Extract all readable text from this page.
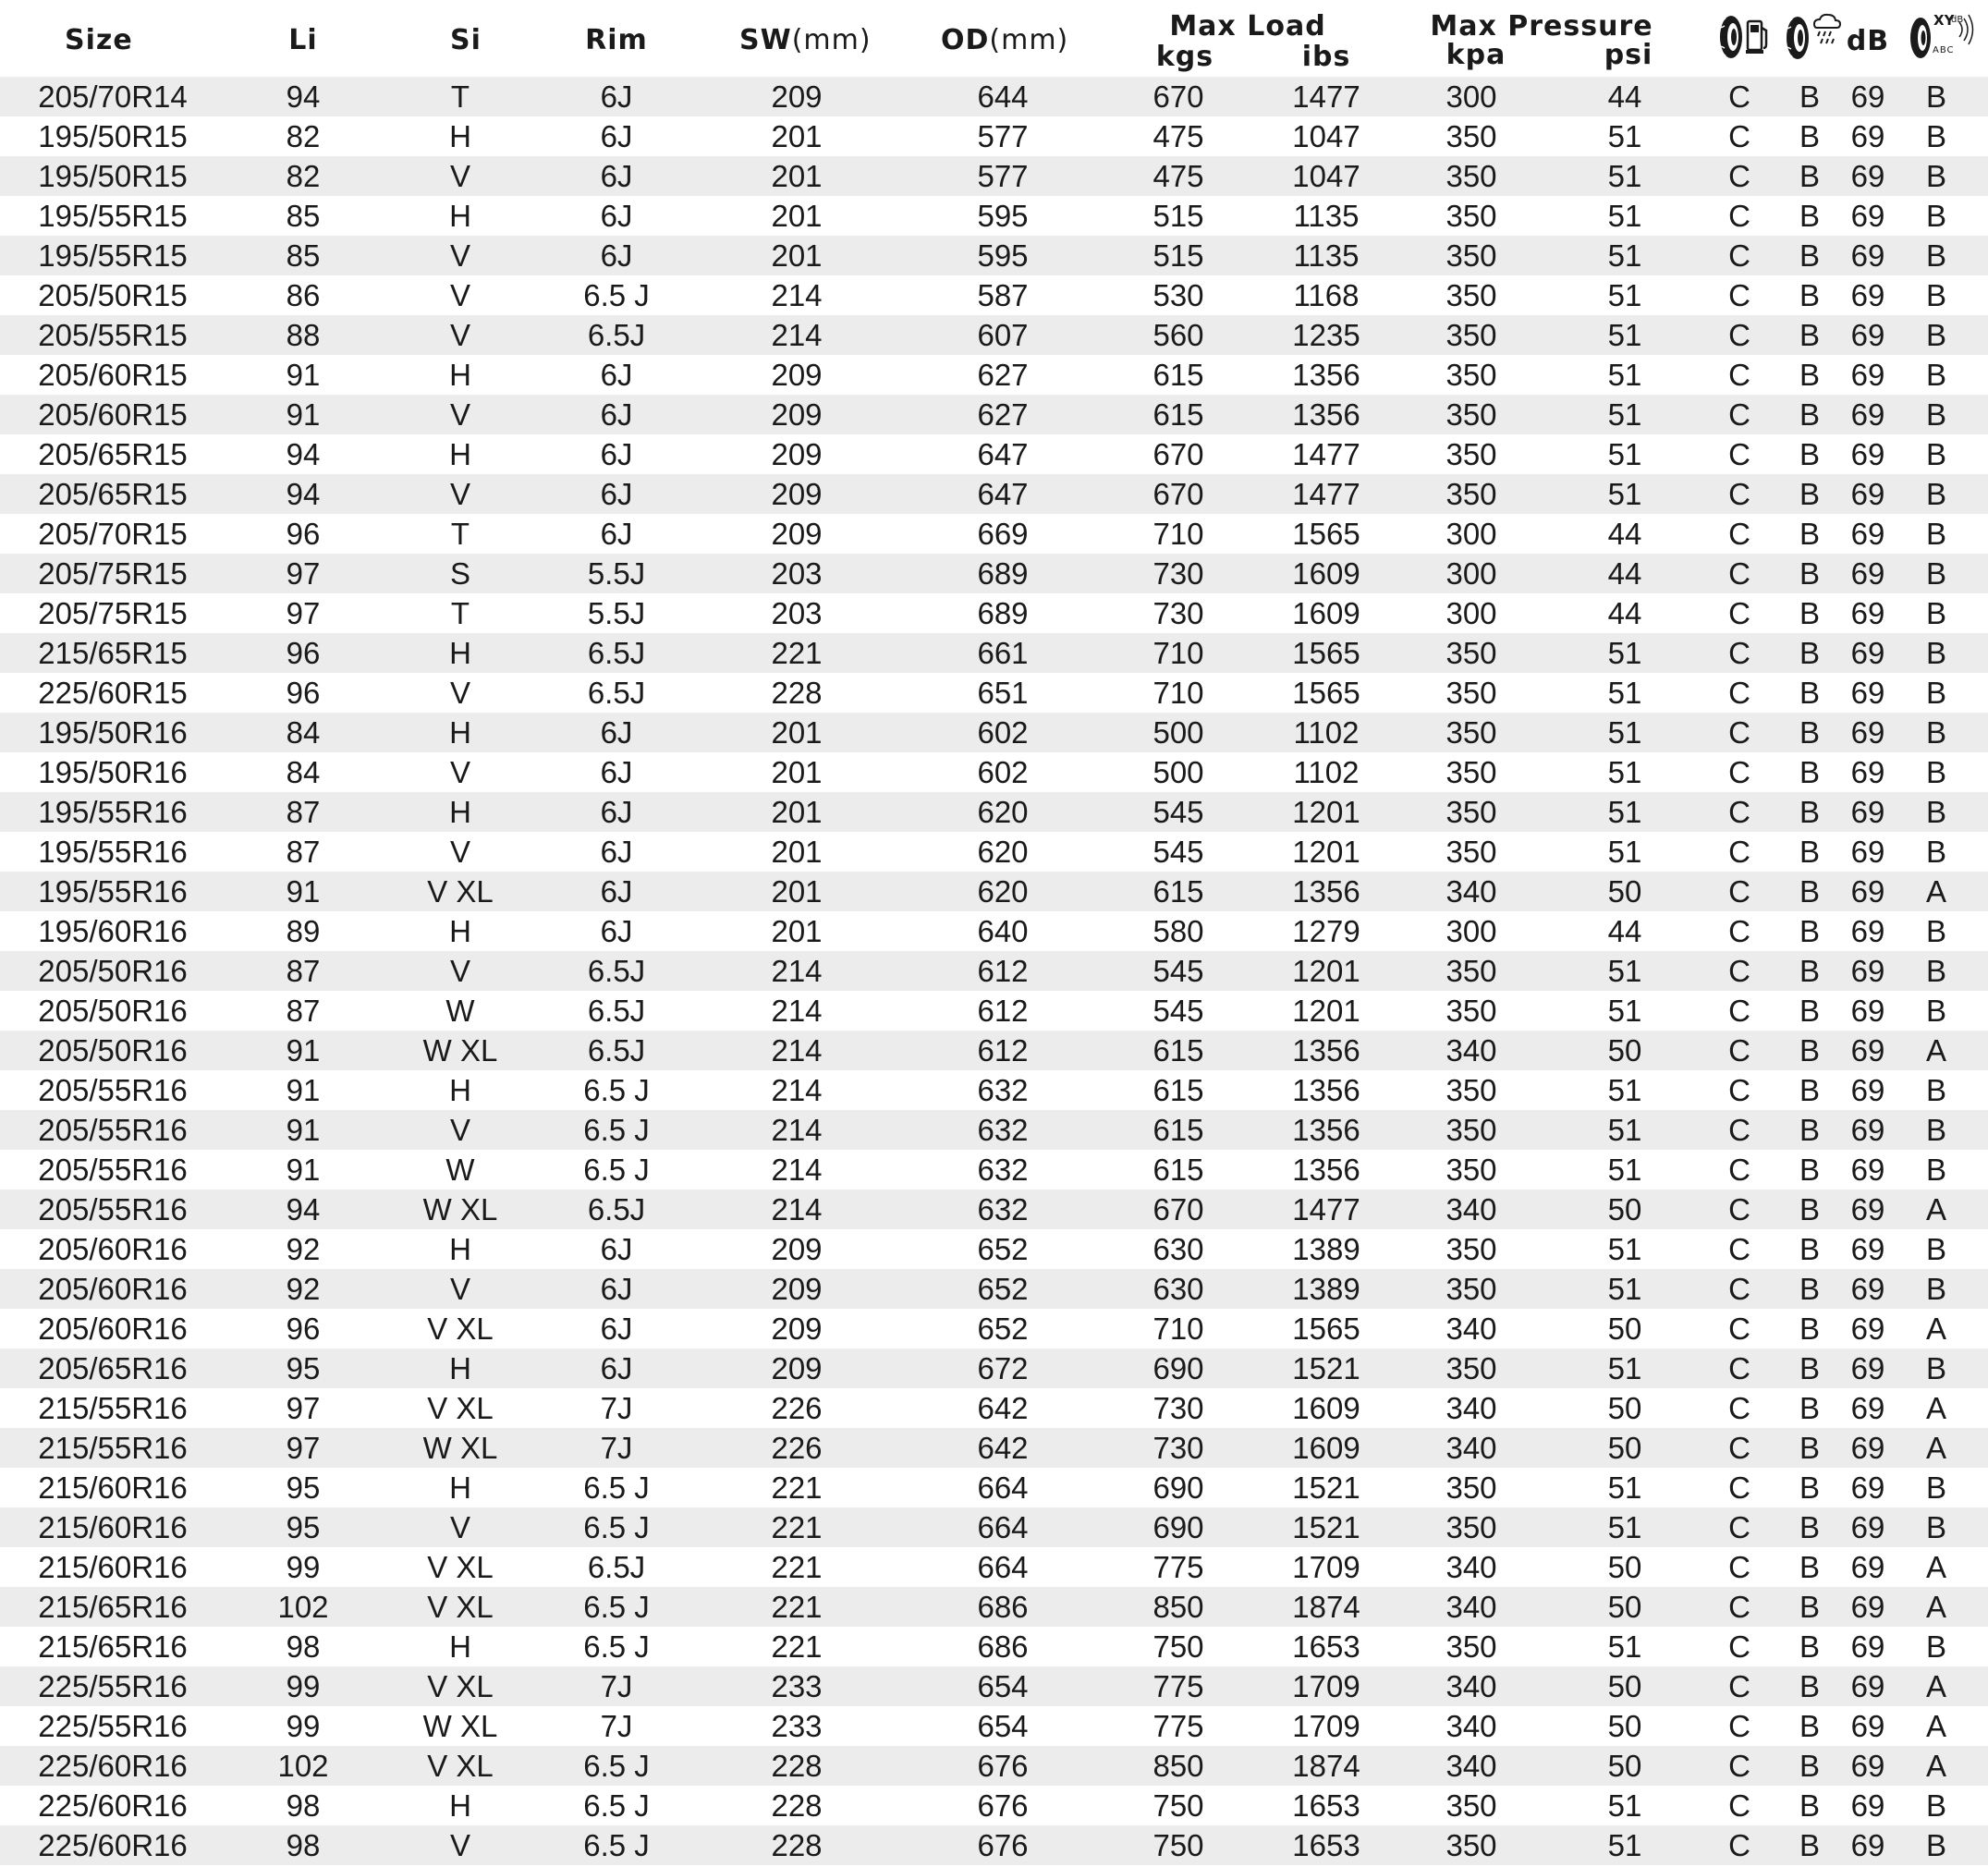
Size	Li	Si	Rim	SW(mm)	OD(mm)	Max Load
kgs	ibs
Max Pressure
kpa	psi	dB
XY
dB
ABC
205/70R14	94	T	6J	209	644	670	1477	300	44	C B 69 B
195/50R15	82	H	6J	201	577	475	1047	350	51	C B 69 B
195/50R15	82	V	6J	201	577	475	1047	350	51	C B 69 B
195/55R15	85	H	6J	201	595	515	1135	350	51	C B 69 B
195/55R15	85	V	6J	201	595	515	1135	350	51	C B 69 B
205/50R15	86	V	6.5 J	214	587	530	1168	350	51	C B 69 B
205/55R15	88	V	6.5J	214	607	560	1235	350	51	C B 69 B
205/60R15	91	H	6J	209	627	615	1356	350	51	C B 69 B
205/60R15	91	V	6J	209	627	615	1356	350	51	C B 69 B
205/65R15	94	H	6J	209	647	670	1477	350	51	C B 69 B
205/65R15	94	V	6J	209	647	670	1477	350	51	C B 69 B
205/70R15	96	T	6J	209	669	710	1565	300	44	C B 69 B
205/75R15	97	S	5.5J	203	689	730	1609	300	44	C B 69 B
205/75R15	97	T	5.5J	203	689	730	1609	300	44	C B 69 B
215/65R15	96	H	6.5J	221	661	710	1565	350	51	C B 69 B
225/60R15	96	V	6.5J	228	651	710	1565	350	51	C B 69 B
195/50R16	84	H	6J	201	602	500	1102	350	51	C B 69 B
195/50R16	84	V	6J	201	602	500	1102	350	51	C B 69 B
195/55R16	87	H	6J	201	620	545	1201	350	51	C B 69 B
195/55R16	87	V	6J	201	620	545	1201	350	51	C B 69 B
195/55R16	91	V XL	6J	201	620	615	1356	340	50	C B 69 A
195/60R16	89	H	6J	201	640	580	1279	300	44	C B 69 B
205/50R16	87	V	6.5J	214	612	545	1201	350	51	C B 69 B
205/50R16	87	W	6.5J	214	612	545	1201	350	51	C B 69 B
205/50R16	91	W XL	6.5J	214	612	615	1356	340	50	C B 69 A
205/55R16	91	H	6.5 J	214	632	615	1356	350	51	C B 69 B
205/55R16	91	V	6.5 J	214	632	615	1356	350	51	C B 69 B
205/55R16	91	W	6.5 J	214	632	615	1356	350	51	C B 69 B
205/55R16	94	W XL	6.5J	214	632	670	1477	340	50	C B 69 A
205/60R16	92	H	6J	209	652	630	1389	350	51	C B 69 B
205/60R16	92	V	6J	209	652	630	1389	350	51	C B 69 B
205/60R16	96	V XL	6J	209	652	710	1565	340	50	C B 69 A
205/65R16	95	H	6J	209	672	690	1521	350	51	C B 69 B
215/55R16	97	V XL	7J	226	642	730	1609	340	50	C B 69 A
215/55R16	97	W XL	7J	226	642	730	1609	340	50	C B 69 A
215/60R16	95	H	6.5 J	221	664	690	1521	350	51	C B 69 B
215/60R16	95	V	6.5 J	221	664	690	1521	350	51	C B 69 B
215/60R16	99	V XL	6.5J	221	664	775	1709	340	50	C B 69 A
215/65R16	102	V XL	6.5 J	221	686	850	1874	340	50	C B 69 A
215/65R16	98	H	6.5 J	221	686	750	1653	350	51	C B 69 B
225/55R16	99	V XL	7J	233	654	775	1709	340	50	C B 69 A
225/55R16	99	W XL	7J	233	654	775	1709	340	50	C B 69 A
225/60R16	102	V XL	6.5 J	228	676	850	1874	340	50	C B 69 A
225/60R16	98	H	6.5 J	228	676	750	1653	350	51	C B 69 B
225/60R16	98	V	6.5 J	228	676	750	1653	350	51	C B 69 B
